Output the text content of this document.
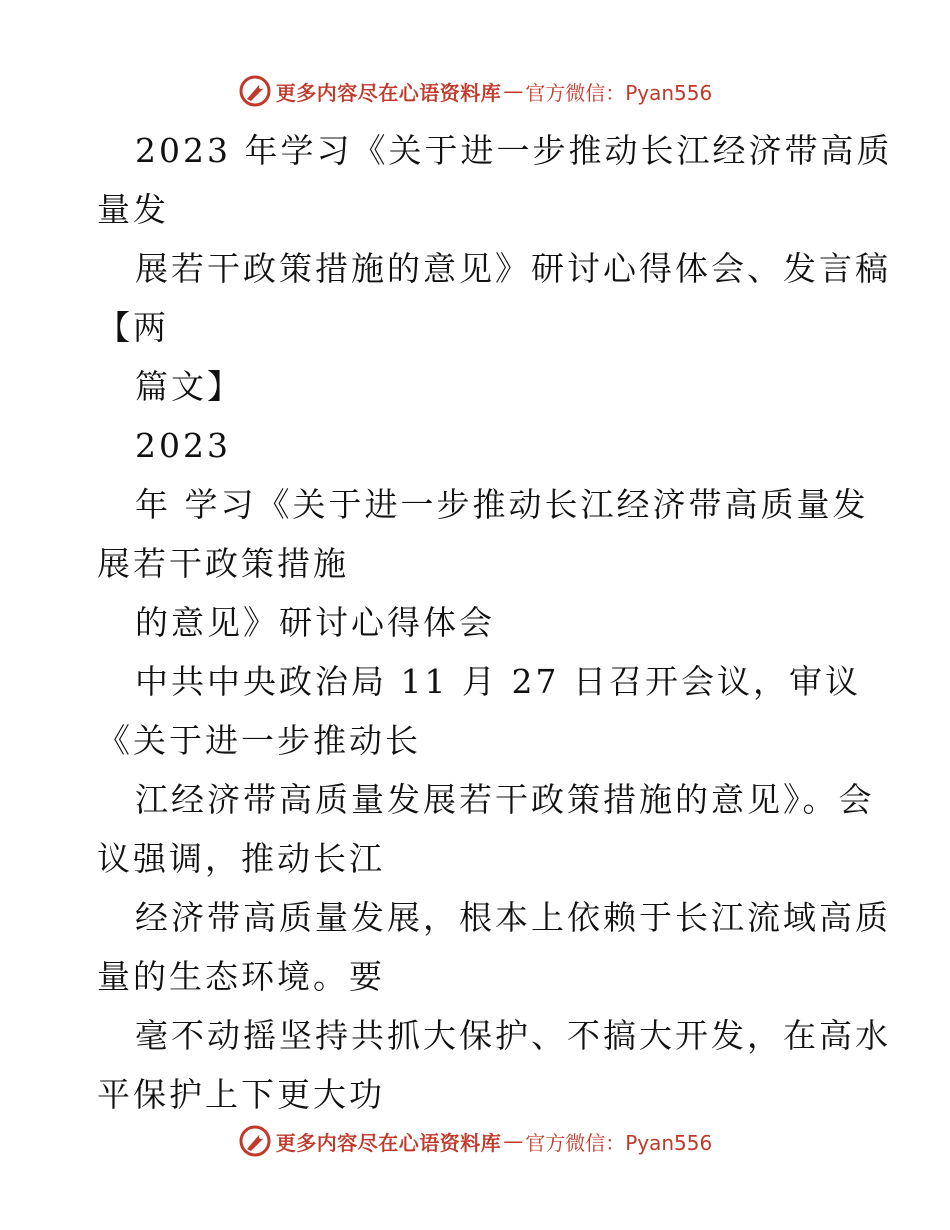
更多内容尽在心语资料库 — 官方微信：Pyan556
2023 年学习《关于进一步推动长江经济带高质
量发
展若干政策措施的意见》研讨心得体会、发言稿
【两
篇文】
2023
年 学习《关于进一步推动长江经济带高质量发
展若干政策措施
的意见》研讨心得体会
中共中央政治局 11 月 27 日召开会议，审议
《关于进一步推动长
江经济带高质量发展若干政策措施的意见》。会
议强调，推动长江
经济带高质量发展，根本上依赖于长江流域高质
量的生态环境。要
毫不动摇坚持共抓大保护、不搞大开发，在高水
平保护上下更大功
更多内容尽在心语资料库 — 官方微信：Pyan556
